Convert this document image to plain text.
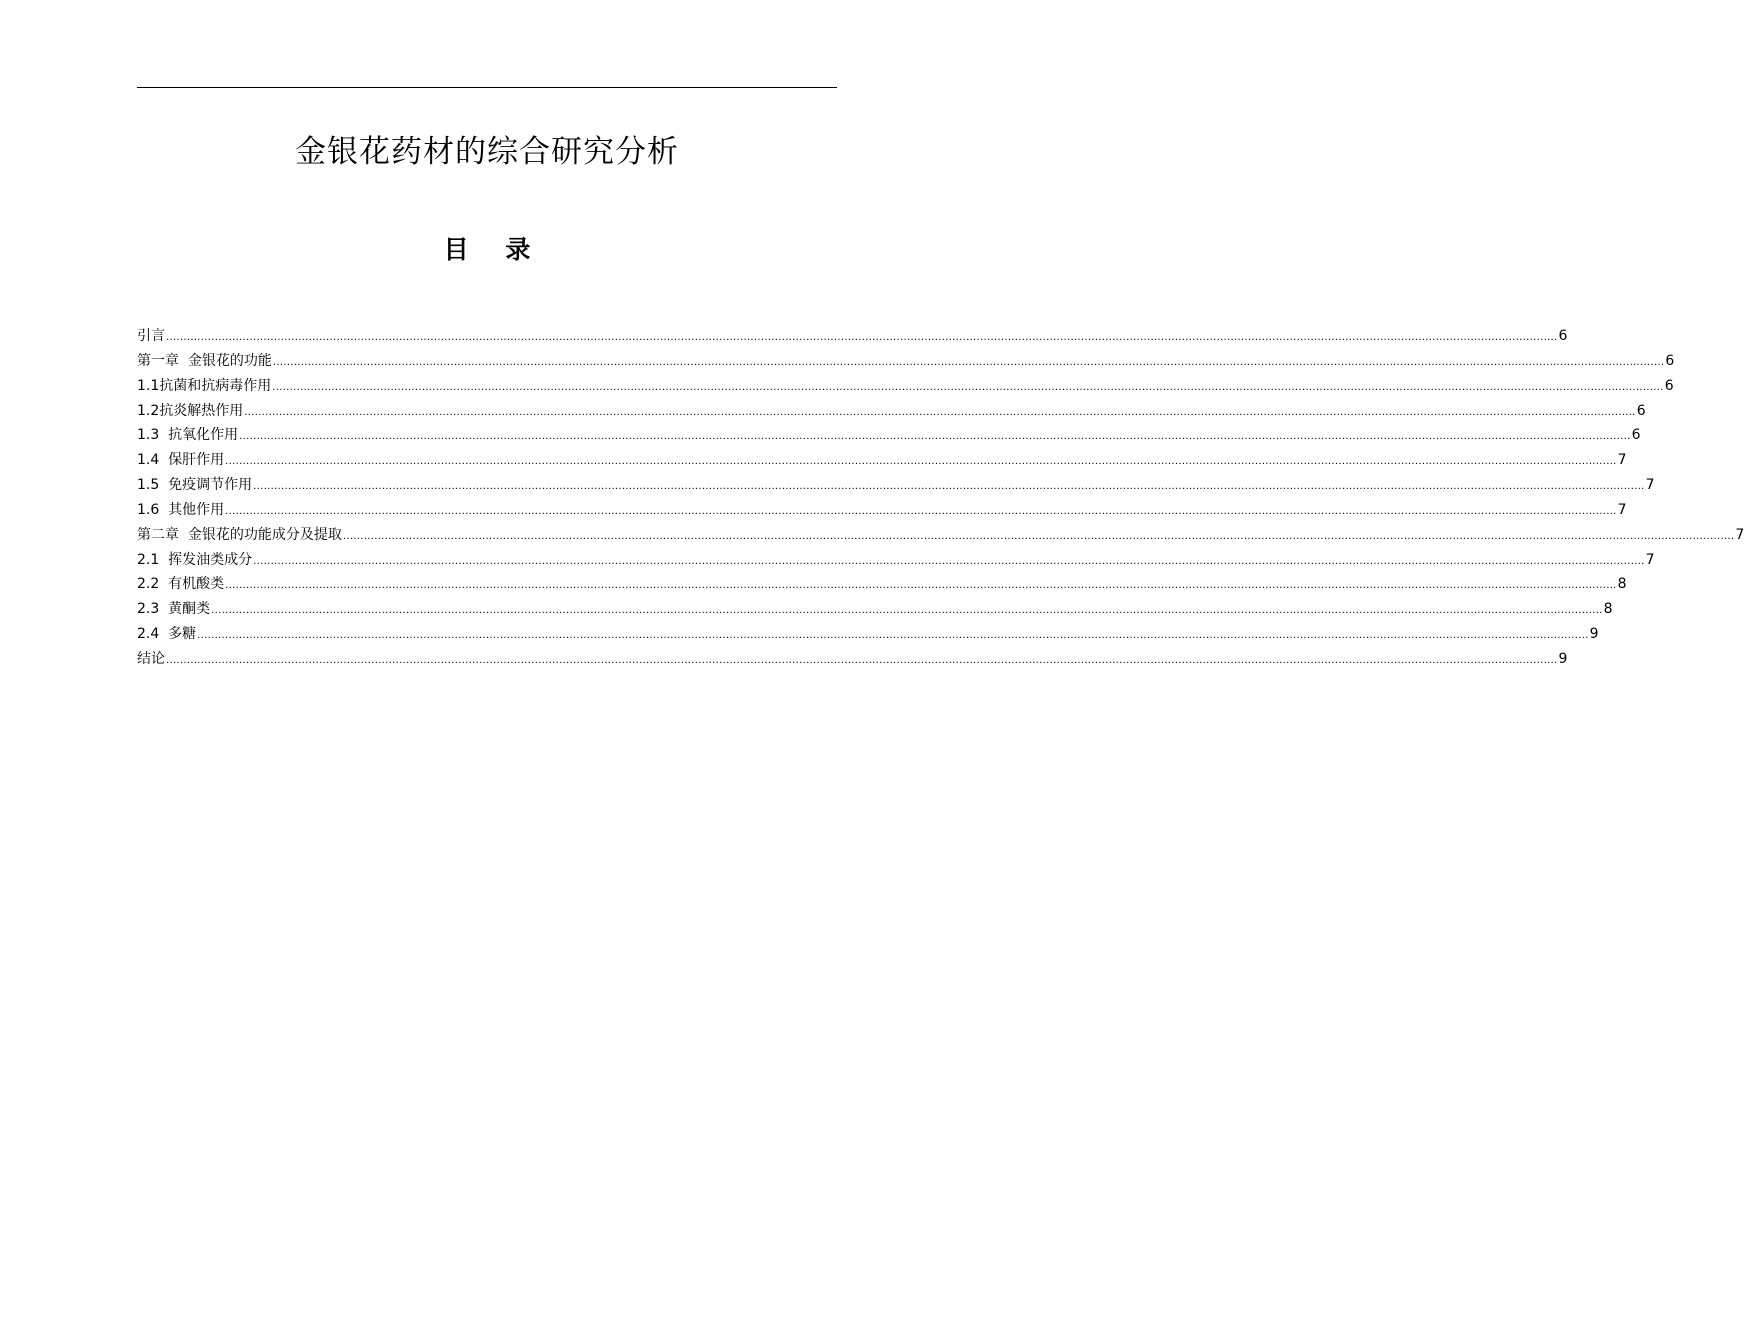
金银花药材的综合研究分析
目 录
引言 ................................................................................................................................................................................................................................................................................................................................................................................................................ 6
第一章  金银花的功能 ................................................................................................................................................................................................................................................................................................................................................................................................................ 6
1.1抗菌和抗病毒作用 ................................................................................................................................................................................................................................................................................................................................................................................................................ 6
1.2抗炎解热作用 ................................................................................................................................................................................................................................................................................................................................................................................................................ 6
1.3  抗氧化作用 ................................................................................................................................................................................................................................................................................................................................................................................................................ 6
1.4  保肝作用 ................................................................................................................................................................................................................................................................................................................................................................................................................ 7
1.5  免疫调节作用 ................................................................................................................................................................................................................................................................................................................................................................................................................ 7
1.6  其他作用 ................................................................................................................................................................................................................................................................................................................................................................................................................ 7
第二章  金银花的功能成分及提取 ................................................................................................................................................................................................................................................................................................................................................................................................................ 7
2.1  挥发油类成分 ................................................................................................................................................................................................................................................................................................................................................................................................................ 7
2.2  有机酸类 ................................................................................................................................................................................................................................................................................................................................................................................................................ 8
2.3  黄酮类 ................................................................................................................................................................................................................................................................................................................................................................................................................ 8
2.4  多糖 ................................................................................................................................................................................................................................................................................................................................................................................................................ 9
结论 ................................................................................................................................................................................................................................................................................................................................................................................................................ 9
